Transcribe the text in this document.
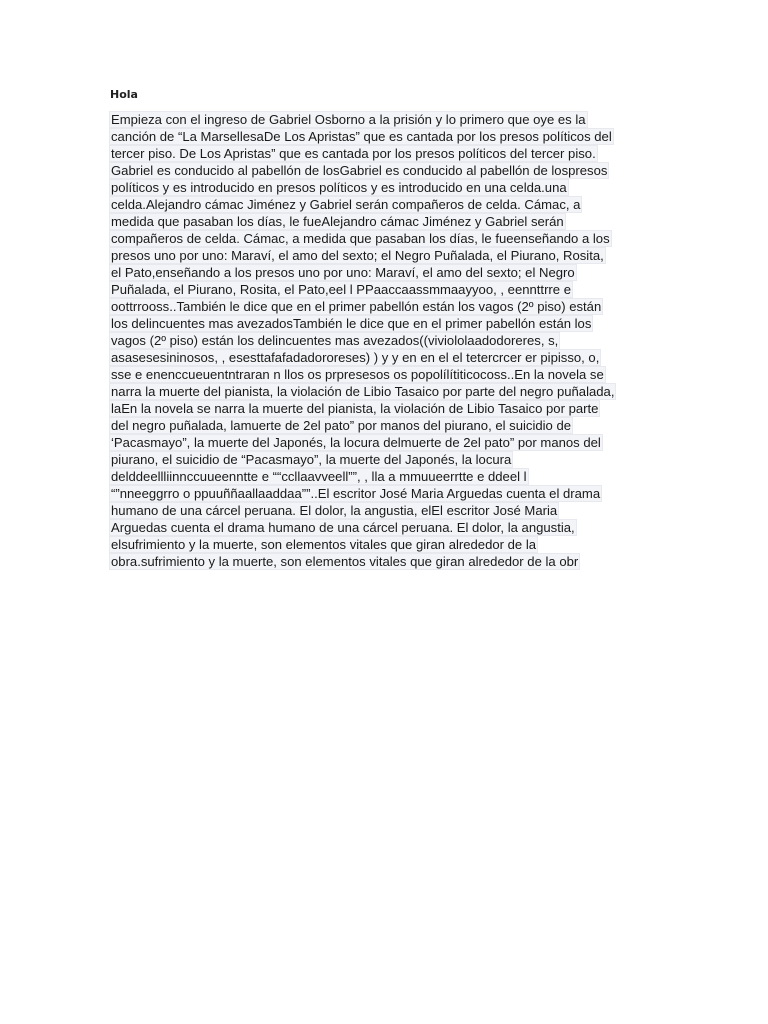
Hola
Empieza con el ingreso de Gabriel Osborno a la prisión y lo primero que oye es la
canción de “La MarsellesaDe Los Apristas” que es cantada por los presos políticos del
tercer piso. De Los Apristas” que es cantada por los presos políticos del tercer piso.
Gabriel es conducido al pabellón de losGabriel es conducido al pabellón de lospresos
políticos y es introducido en presos políticos y es introducido en una celda.una
celda.Alejandro cámac Jiménez y Gabriel serán compañeros de celda. Cámac, a
medida que pasaban los días, le fueAlejandro cámac Jiménez y Gabriel serán
compañeros de celda. Cámac, a medida que pasaban los días, le fueenseñando a los
presos uno por uno: Maraví, el amo del sexto; el Negro Puñalada, el Piurano, Rosita,
el Pato,enseñando a los presos uno por uno: Maraví, el amo del sexto; el Negro
Puñalada, el Piurano, Rosita, el Pato,eel l PPaaccaassmmaayyoo, , eennttrre e
oottrrooss..También le dice que en el primer pabellón están los vagos (2º piso) están
los delincuentes mas avezadosTambién le dice que en el primer pabellón están los
vagos (2º piso) están los delincuentes mas avezados((viviololaadodoreres, s,
asasesesininosos, , esesttafafadadororeses) ) y y en en el el tetercrcer er pipisso, o,
sse e enenccueuentntraran n llos os prpresesos os popolílítiticocoss..En la novela se
narra la muerte del pianista, la violación de Libio Tasaico por parte del negro puñalada,
laEn la novela se narra la muerte del pianista, la violación de Libio Tasaico por parte
del negro puñalada, lamuerte de 2el pato” por manos del piurano, el suicidio de
‘Pacasmayo”, la muerte del Japonés, la locura delmuerte de 2el pato” por manos del
piurano, el suicidio de “Pacasmayo”, la muerte del Japonés, la locura
delddeellliinnccuueenntte e ““ccllaavveell””, , lla a mmuueerrtte e ddeel l
“”nneeggrro o ppuuññaallaaddaa””..El escritor José Maria Arguedas cuenta el drama
humano de una cárcel peruana. El dolor, la angustia, elEl escritor José Maria
Arguedas cuenta el drama humano de una cárcel peruana. El dolor, la angustia,
elsufrimiento y la muerte, son elementos vitales que giran alrededor de la
obra.sufrimiento y la muerte, son elementos vitales que giran alrededor de la obr
